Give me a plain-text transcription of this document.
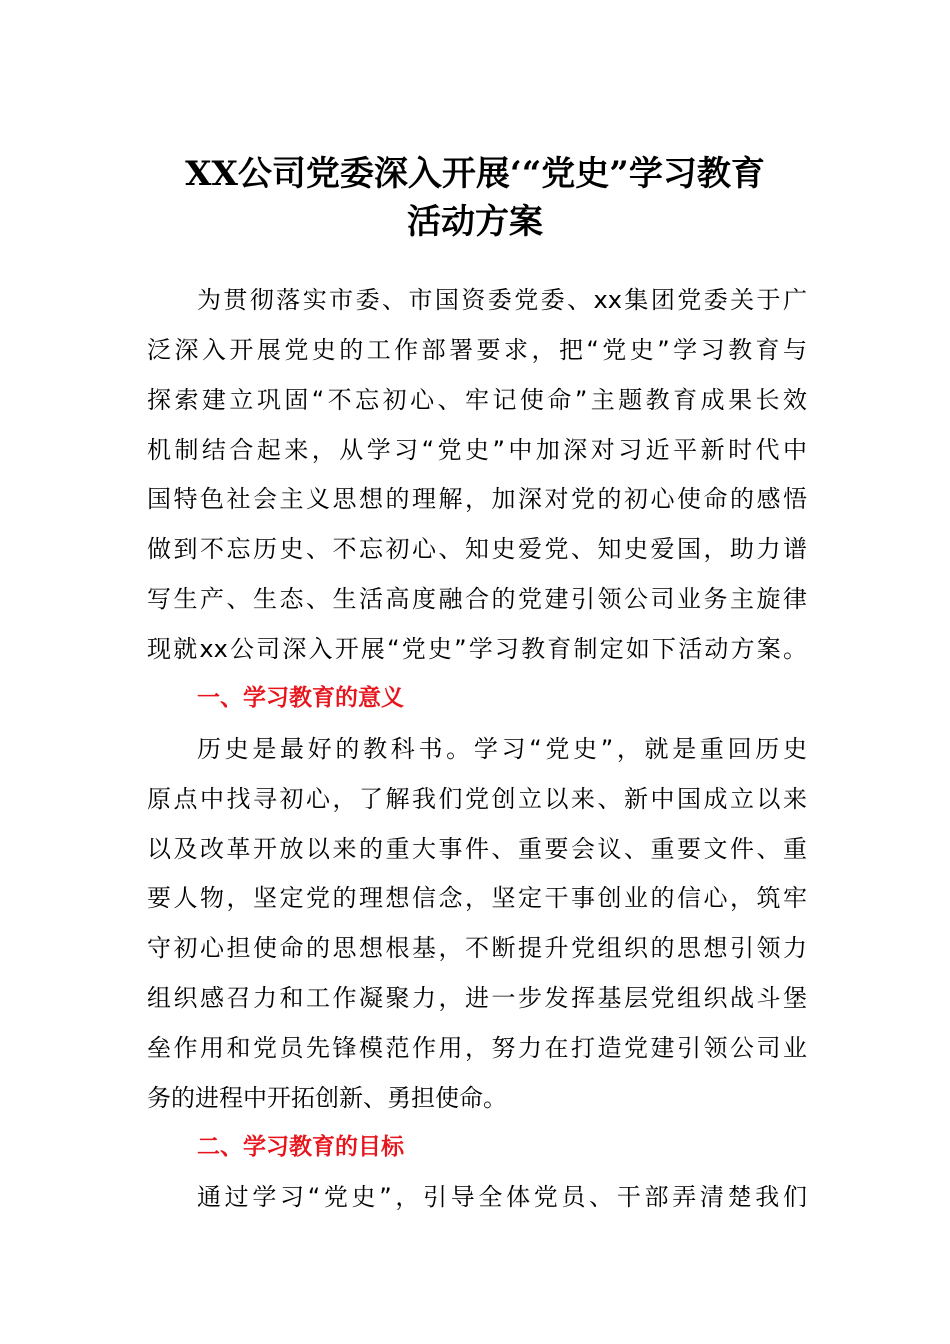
XX公司党委深入开展‘“党史”学习教育
活动方案
为贯彻落实市委、市国资委党委、xx集团党委关于广
泛深入开展党史的工作部署要求，把“党史”学习教育与
探索建立巩固“不忘初心、牢记使命”主题教育成果长效
机制结合起来，从学习“党史”中加深对习近平新时代中
国特色社会主义思想的理解，加深对党的初心使命的感悟
做到不忘历史、不忘初心、知史爱党、知史爱国，助力谱
写生产、生态、生活高度融合的党建引领公司业务主旋律
现就xx公司深入开展“党史”学习教育制定如下活动方案。
一、学习教育的意义
历史是最好的教科书。学习“党史”，就是重回历史
原点中找寻初心，了解我们党创立以来、新中国成立以来
以及改革开放以来的重大事件、重要会议、重要文件、重
要人物，坚定党的理想信念，坚定干事创业的信心，筑牢
守初心担使命的思想根基，不断提升党组织的思想引领力
组织感召力和工作凝聚力，进一步发挥基层党组织战斗堡
垒作用和党员先锋模范作用，努力在打造党建引领公司业
务的进程中开拓创新、勇担使命。
二、学习教育的目标
通过学习“党史”，引导全体党员、干部弄清楚我们
